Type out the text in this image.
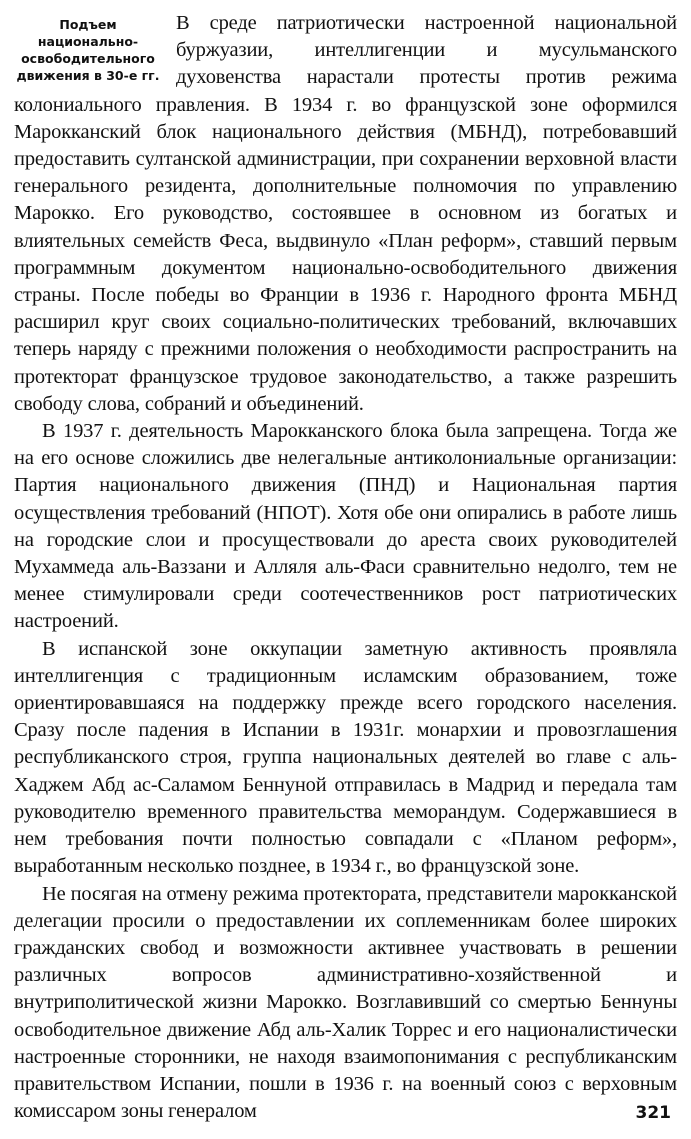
Подъем национально-освободительного движения в 30-е гг.

В среде патриотически настроенной национальной буржуазии, интеллигенции и мусульманского духовенства нарастали протесты против режима колониального правления. В 1934 г. во французской зоне оформился Марокканский блок национального действия (МБНД), потребовавший предоставить султанской администрации, при сохранении верховной власти генерального резидента, дополнительные полномочия по управлению Марокко. Его руководство, состоявшее в основном из богатых и влиятельных семейств Феса, выдвинуло «План реформ», ставший первым программным документом национально-освободительного движения страны. После победы во Франции в 1936 г. Народного фронта МБНД расширил круг своих социально-политических требований, включавших теперь наряду с прежними положения о необходимости распространить на протекторат французское трудовое законодательство, а также разрешить свободу слова, собраний и объединений.

В 1937 г. деятельность Марокканского блока была запрещена. Тогда же на его основе сложились две нелегальные антиколониальные организации: Партия национального движения (ПНД) и Национальная партия осуществления требований (НПОТ). Хотя обе они опирались в работе лишь на городские слои и просуществовали до ареста своих руководителей Мухаммеда аль-Ваззани и Алляля аль-Фаси сравнительно недолго, тем не менее стимулировали среди соотечественников рост патриотических настроений.

В испанской зоне оккупации заметную активность проявляла интеллигенция с традиционным исламским образованием, тоже ориентировавшаяся на поддержку прежде всего городского населения. Сразу после падения в Испании в 1931г. монархии и провозглашения республиканского строя, группа национальных деятелей во главе с аль-Хаджем Абд ас-Саламом Беннуной отправилась в Мадрид и передала там руководителю временного правительства меморандум. Содержавшиеся в нем требования почти полностью совпадали с «Планом реформ», выработанным несколько позднее, в 1934 г., во французской зоне.

Не посягая на отмену режима протектората, представители марокканской делегации просили о предоставлении их соплеменникам более широких гражданских свобод и возможности активнее участвовать в решении различных вопросов административно-хозяйственной и внутриполитической жизни Марокко. Возглавивший со смертью Беннуны освободительное движение Абд аль-Халик Торрес и его националистически настроенные сторонники, не находя взаимопонимания с республиканским правительством Испании, пошли в 1936 г. на военный союз с верховным комиссаром зоны генералом	321
